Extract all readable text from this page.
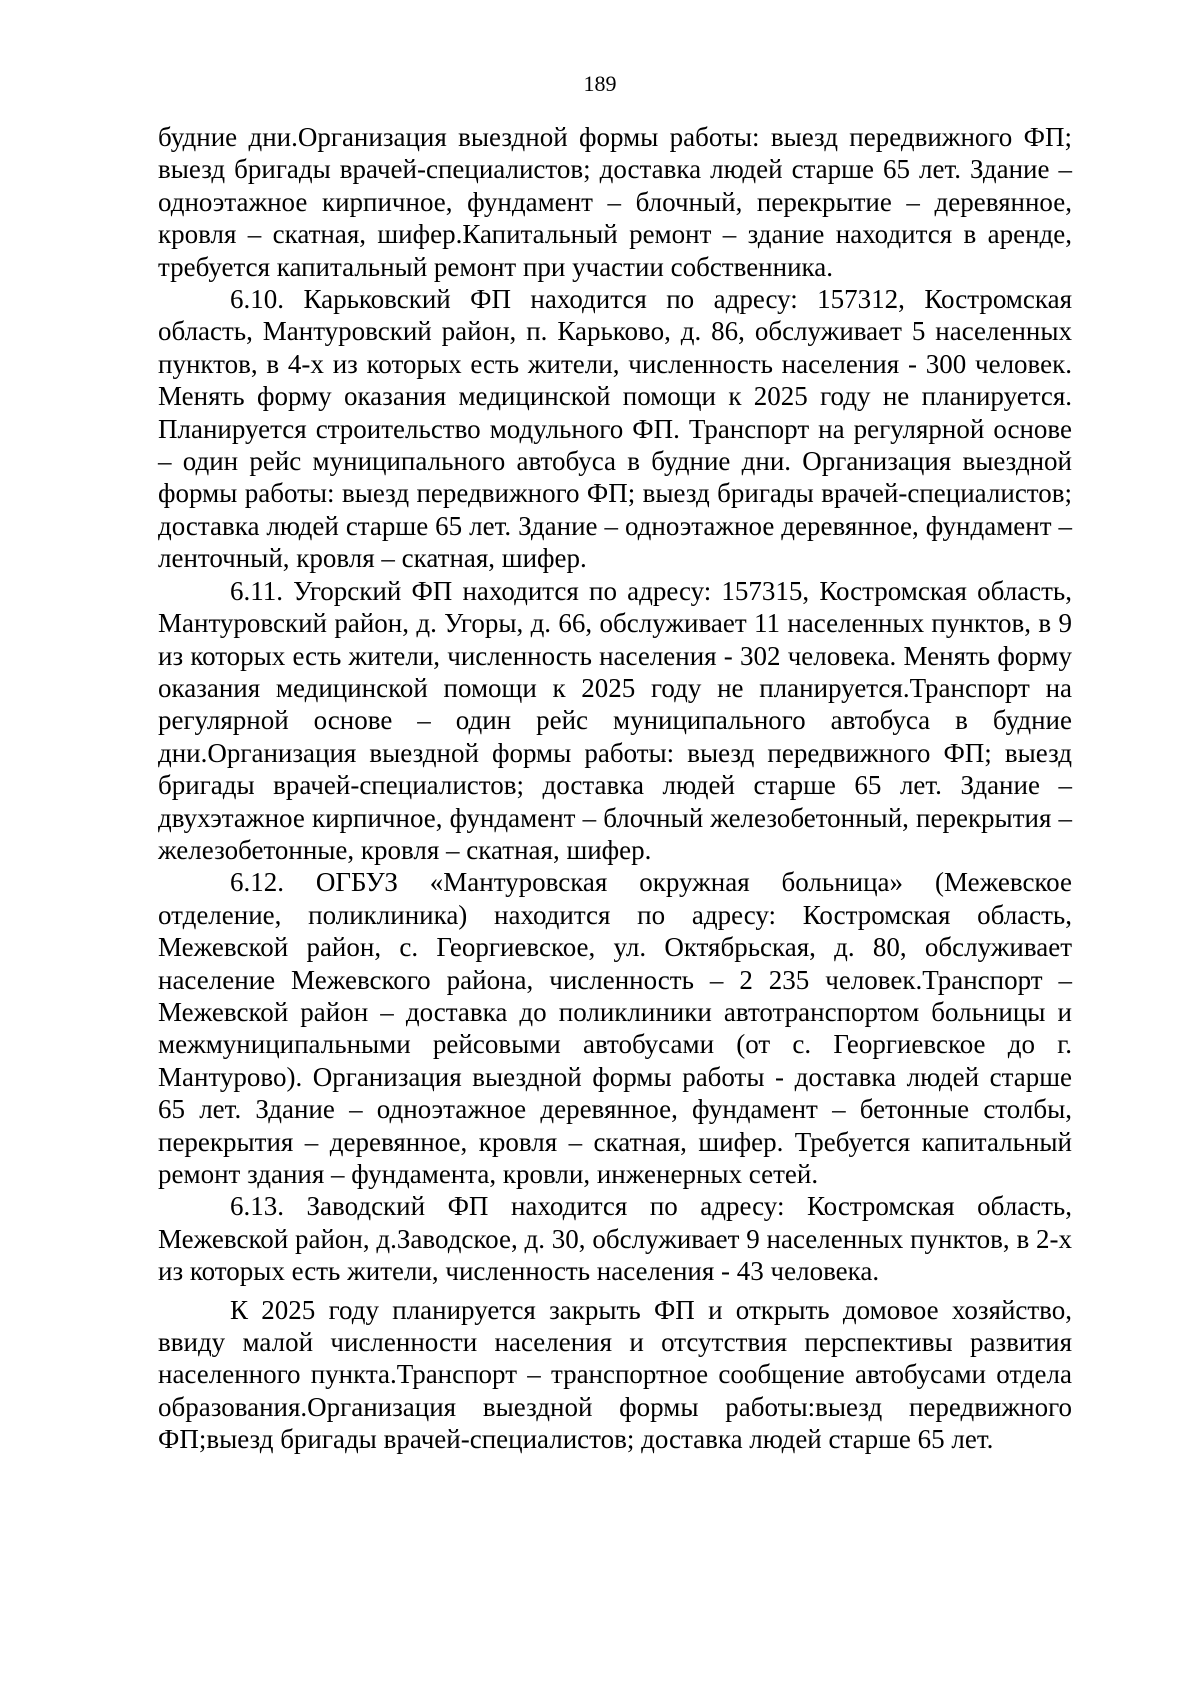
189

будние дни.Организация выездной формы работы: выезд передвижного ФП; выезд бригады врачей-специалистов; доставка людей старше 65 лет. Здание – одноэтажное кирпичное, фундамент – блочный, перекрытие – деревянное, кровля – скатная, шифер.Капитальный ремонт – здание находится в аренде, требуется капитальный ремонт при участии собственника.

6.10. Карьковский ФП находится по адресу: 157312, Костромская область, Мантуровский район, п. Карьково, д. 86, обслуживает 5 населенных пунктов, в 4-х из которых есть жители, численность населения - 300 человек. Менять форму оказания медицинской помощи к 2025 году не планируется. Планируется строительство модульного ФП. Транспорт на регулярной основе – один рейс муниципального автобуса в будние дни. Организация выездной формы работы: выезд передвижного ФП; выезд бригады врачей-специалистов; доставка людей старше 65 лет. Здание – одноэтажное деревянное, фундамент – ленточный, кровля – скатная, шифер.

6.11. Угорский ФП находится по адресу: 157315, Костромская область, Мантуровский район, д. Угоры, д. 66, обслуживает 11 населенных пунктов, в 9 из которых есть жители, численность населения - 302 человека. Менять форму оказания медицинской помощи к 2025 году не планируется.Транспорт на регулярной основе – один рейс муниципального автобуса в будние дни.Организация выездной формы работы: выезд передвижного ФП; выезд бригады врачей-специалистов; доставка людей старше 65 лет. Здание – двухэтажное кирпичное, фундамент – блочный железобетонный, перекрытия – железобетонные, кровля – скатная, шифер.

6.12. ОГБУЗ «Мантуровская окружная больница» (Межевское отделение, поликлиника) находится по адресу: Костромская область, Межевской район, с. Георгиевское, ул. Октябрьская, д. 80, обслуживает население Межевского района, численность – 2 235 человек.Транспорт – Межевской район – доставка до поликлиники автотранспортом больницы и межмуниципальными рейсовыми автобусами (от с. Георгиевское до г. Мантурово). Организация выездной формы работы - доставка людей старше 65 лет. Здание – одноэтажное деревянное, фундамент – бетонные столбы, перекрытия – деревянное, кровля – скатная, шифер. Требуется капитальный ремонт здания – фундамента, кровли, инженерных сетей.

6.13. Заводский ФП находится по адресу: Костромская область, Межевской район, д.Заводское, д. 30, обслуживает 9 населенных пунктов, в 2-х из которых есть жители, численность населения - 43 человека.

К 2025 году планируется закрыть ФП и открыть домовое хозяйство, ввиду малой численности населения и отсутствия перспективы развития населенного пункта.Транспорт – транспортное сообщение автобусами отдела образования.Организация выездной формы работы:выезд передвижного ФП;выезд бригады врачей-специалистов; доставка людей старше 65 лет.
